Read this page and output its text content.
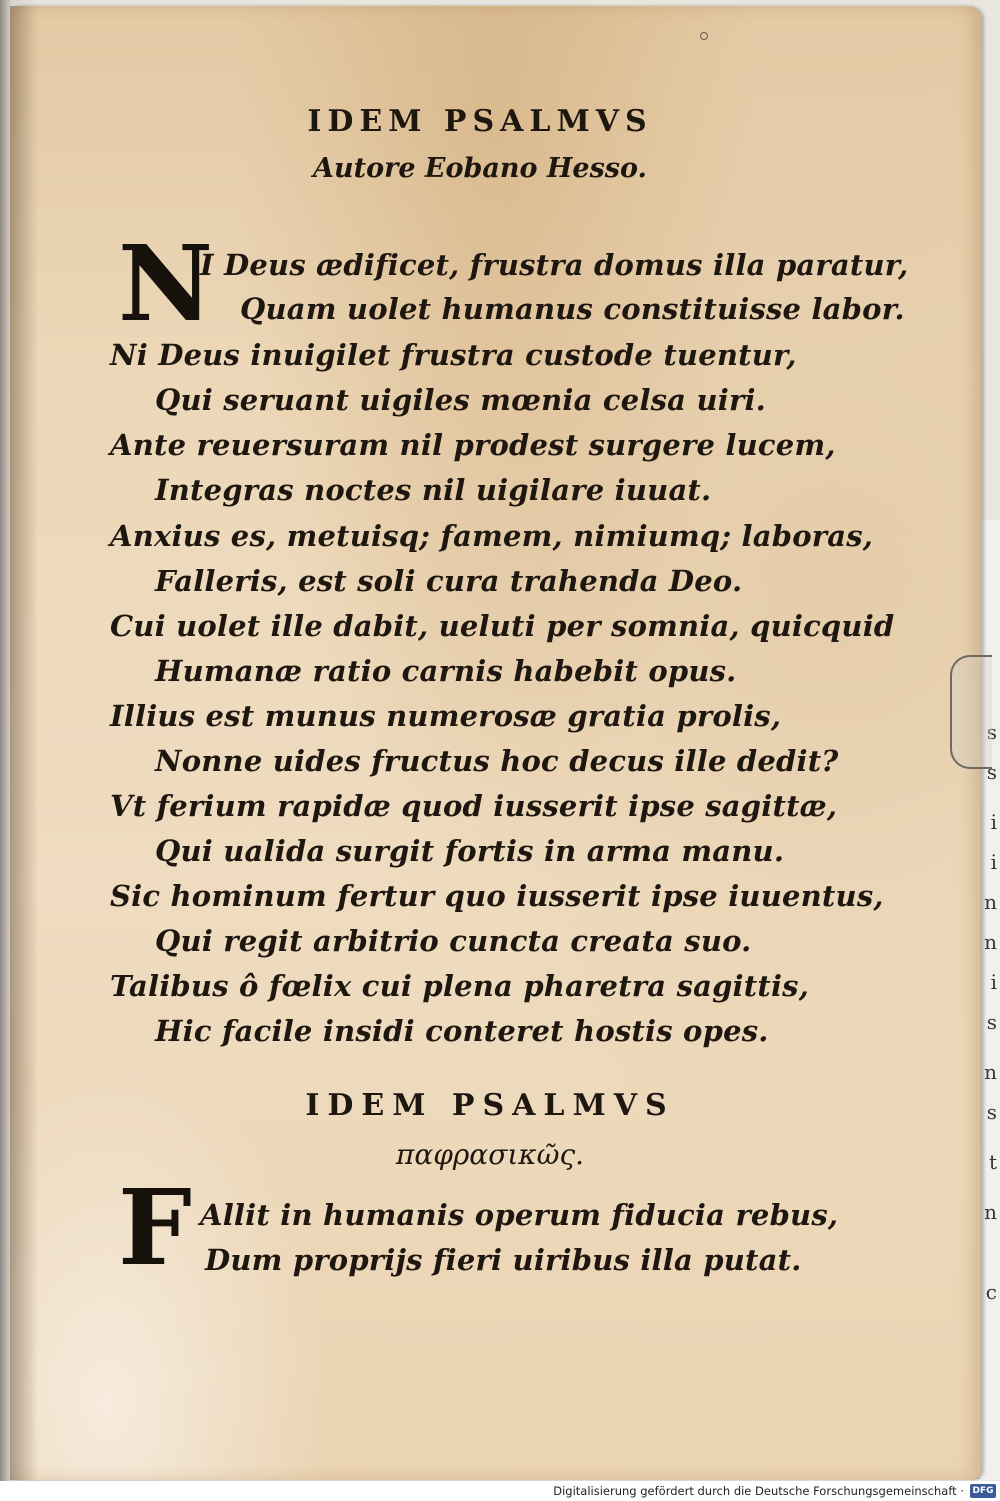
s
s
i
i
n
n
i
s
n
s
t
n
c
IDEM PSALMVS
Autore Eobano Hesso.
N
I Deus ædificet, frustra domus illa paratur,
Quam uolet humanus constituisse labor.
Ni Deus inuigilet frustra custode tuentur,
Qui seruant uigiles mœnia celsa uiri.
Ante reuersuram nil prodest surgere lucem,
Integras noctes nil uigilare iuuat.
Anxius es, metuisq; famem, nimiumq; laboras,
Falleris, est soli cura trahenda Deo.
Cui uolet ille dabit, ueluti per somnia, quicquid
Humanæ ratio carnis habebit opus.
Illius est munus numerosæ gratia prolis,
Nonne uides fructus hoc decus ille dedit?
Vt ferium rapidæ quod iusserit ipse sagittæ,
Qui ualida surgit fortis in arma manu.
Sic hominum fertur quo iusserit ipse iuuentus,
Qui regit arbitrio cuncta creata suo.
Talibus ô fœlix cui plena pharetra sagittis,
Hic facile insidi conteret hostis opes.
IDEM PSALMVS
παφρασικῶς.
F Allit in humanis operum fiducia rebus,
Dum proprijs fieri uiribus illa putat.
Digitalisierung gefördert durch die Deutsche Forschungsgemeinschaft · DFG
